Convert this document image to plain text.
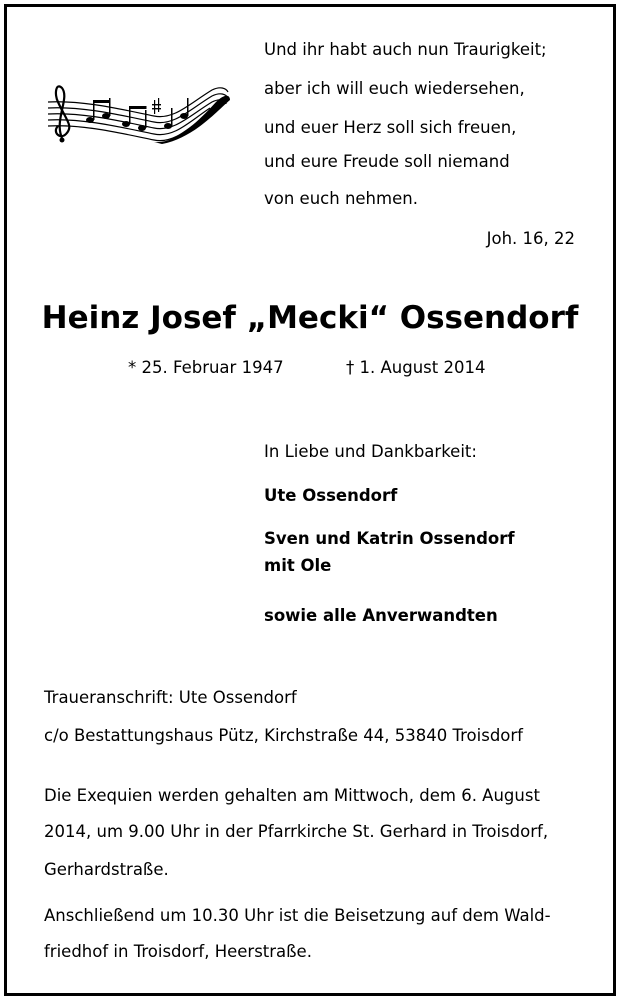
Und ihr habt auch nun Traurigkeit;
aber ich will euch wiedersehen,
und euer Herz soll sich freuen,
und eure Freude soll niemand
von euch nehmen.
Joh. 16, 22
Heinz Josef „Mecki“ Ossendorf
* 25. Februar 1947	† 1. August 2014
In Liebe und Dankbarkeit:
Ute Ossendorf
Sven und Katrin Ossendorf
mit Ole
sowie alle Anverwandten
Traueranschrift: Ute Ossendorf
c/o Bestattungshaus Pütz, Kirchstraße 44, 53840 Troisdorf
Die Exequien werden gehalten am Mittwoch, dem 6. August
2014, um 9.00 Uhr in der Pfarrkirche St. Gerhard in Troisdorf,
Gerhardstraße.
Anschließend um 10.30 Uhr ist die Beisetzung auf dem Wald-
friedhof in Troisdorf, Heerstraße.
